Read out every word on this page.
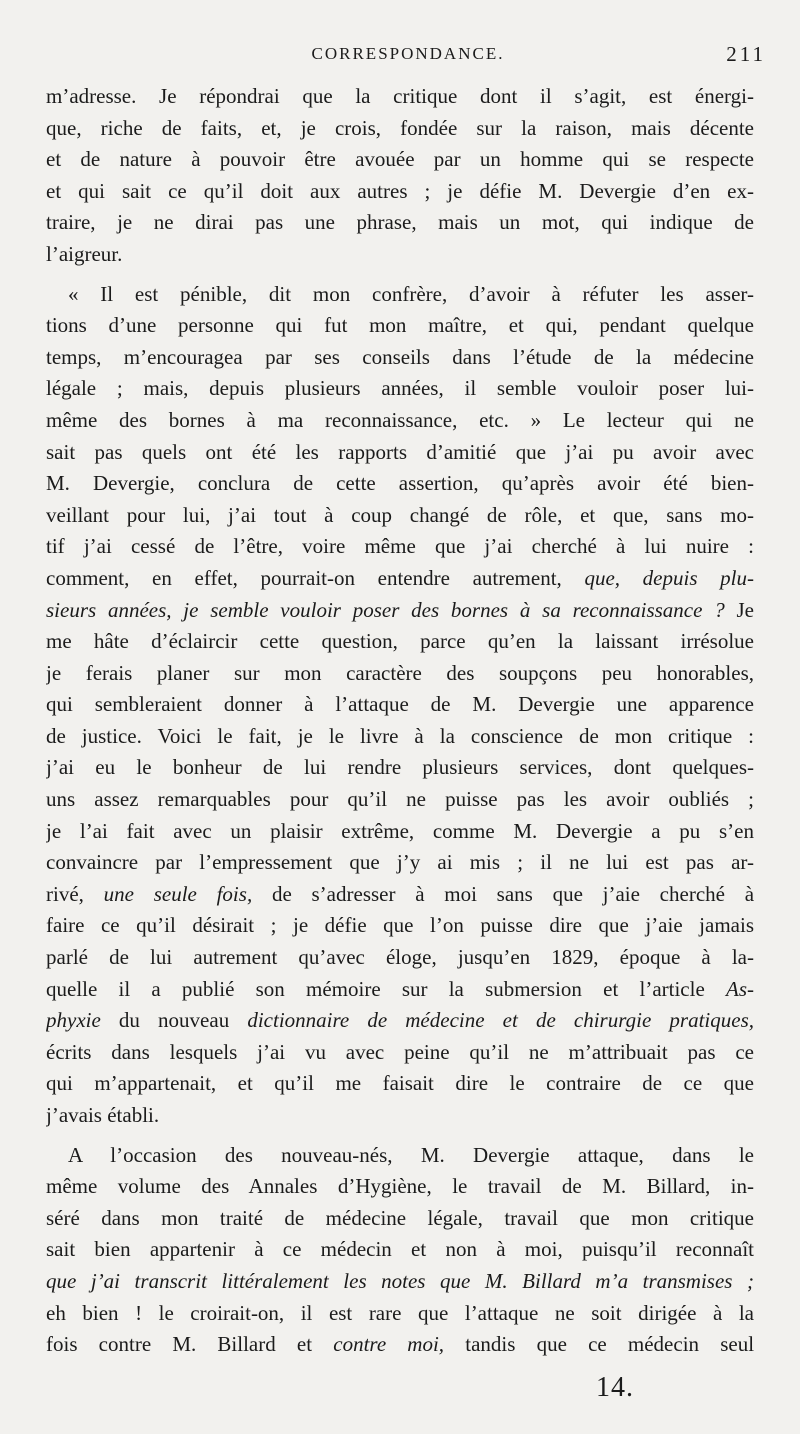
CORRESPONDANCE.	211
m’adresse. Je répondrai que la critique dont il s’agit, est énergi-
que, riche de faits, et, je crois, fondée sur la raison, mais décente
et de nature à pouvoir être avouée par un homme qui se respecte
et qui sait ce qu’il doit aux autres ; je défie M. Devergie d’en ex-
traire, je ne dirai pas une phrase, mais un mot, qui indique de
l’aigreur.
« Il est pénible, dit mon confrère, d’avoir à réfuter les asser-
tions d’une personne qui fut mon maître, et qui, pendant quelque
temps, m’encouragea par ses conseils dans l’étude de la médecine
légale ; mais, depuis plusieurs années, il semble vouloir poser lui-
même des bornes à ma reconnaissance, etc. » Le lecteur qui ne
sait pas quels ont été les rapports d’amitié que j’ai pu avoir avec
M. Devergie, conclura de cette assertion, qu’après avoir été bien-
veillant pour lui, j’ai tout à coup changé de rôle, et que, sans mo-
tif j’ai cessé de l’être, voire même que j’ai cherché à lui nuire :
comment, en effet, pourrait-on entendre autrement, que, depuis plu-
sieurs années, je semble vouloir poser des bornes à sa reconnaissance ? Je
me hâte d’éclaircir cette question, parce qu’en la laissant irrésolue
je ferais planer sur mon caractère des soupçons peu honorables,
qui sembleraient donner à l’attaque de M. Devergie une apparence
de justice. Voici le fait, je le livre à la conscience de mon critique :
j’ai eu le bonheur de lui rendre plusieurs services, dont quelques-
uns assez remarquables pour qu’il ne puisse pas les avoir oubliés ;
je l’ai fait avec un plaisir extrême, comme M. Devergie a pu s’en
convaincre par l’empressement que j’y ai mis ; il ne lui est pas ar-
rivé, une seule fois, de s’adresser à moi sans que j’aie cherché à
faire ce qu’il désirait ; je défie que l’on puisse dire que j’aie jamais
parlé de lui autrement qu’avec éloge, jusqu’en 1829, époque à la-
quelle il a publié son mémoire sur la submersion et l’article As-
phyxie du nouveau dictionnaire de médecine et de chirurgie pratiques,
écrits dans lesquels j’ai vu avec peine qu’il ne m’attribuait pas ce
qui m’appartenait, et qu’il me faisait dire le contraire de ce que
j’avais établi.
A l’occasion des nouveau-nés, M. Devergie attaque, dans le
même volume des Annales d’Hygiène, le travail de M. Billard, in-
séré dans mon traité de médecine légale, travail que mon critique
sait bien appartenir à ce médecin et non à moi, puisqu’il reconnaît
que j’ai transcrit littéralement les notes que M. Billard m’a transmises ;
eh bien ! le croirait-on, il est rare que l’attaque ne soit dirigée à la
fois contre M. Billard et contre moi, tandis que ce médecin seul
14.
